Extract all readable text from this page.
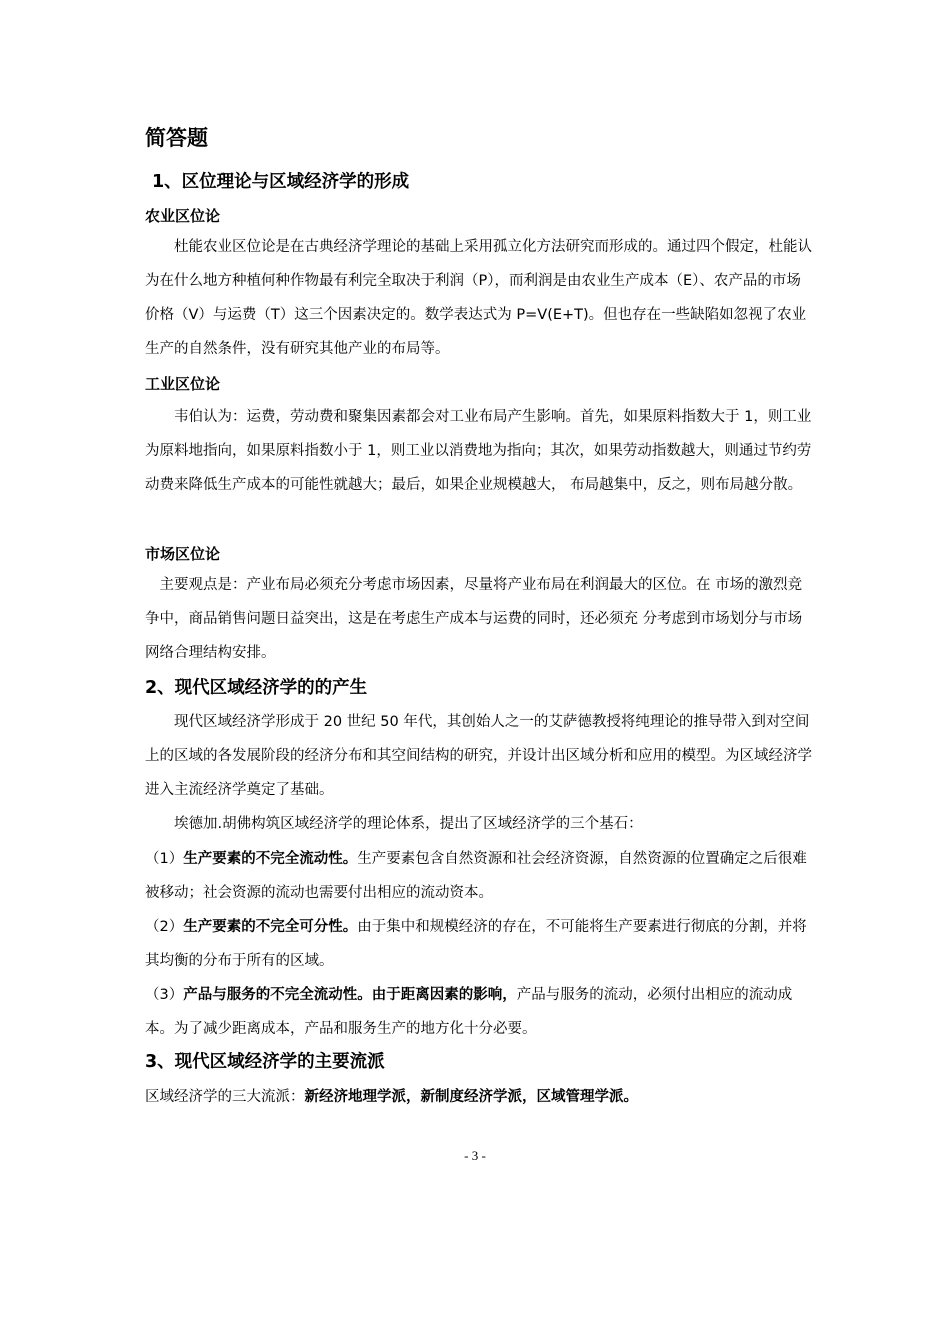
简答题
1、区位理论与区域经济学的形成
农业区位论
杜能农业区位论是在古典经济学理论的基础上采用孤立化方法研究而形成的。通过四个假定，杜能认为在什么地方种植何种作物最有利完全取决于利润（P），而利润是由农业生产成本（E）、农产品的市场价格（V）与运费（T）这三个因素决定的。数学表达式为 P=V(E+T)。但也存在一些缺陷如忽视了农业生产的自然条件，没有研究其他产业的布局等。
工业区位论
韦伯认为：运费，劳动费和聚集因素都会对工业布局产生影响。首先，如果原料指数大于 1，则工业为原料地指向，如果原料指数小于 1，则工业以消费地为指向；其次，如果劳动指数越大，则通过节约劳动费来降低生产成本的可能性就越大；最后，如果企业规模越大， 布局越集中，反之，则布局越分散。
市场区位论
主要观点是：产业布局必须充分考虑市场因素，尽量将产业布局在利润最大的区位。在 市场的激烈竞争中，商品销售问题日益突出，这是在考虑生产成本与运费的同时，还必须充 分考虑到市场划分与市场网络合理结构安排。
2、现代区域经济学的的产生
现代区域经济学形成于 20 世纪 50 年代，其创始人之一的艾萨德教授将纯理论的推导带入到对空间上的区域的各发展阶段的经济分布和其空间结构的研究，并设计出区域分析和应用的模型。为区域经济学进入主流经济学奠定了基础。
埃德加.胡佛构筑区域经济学的理论体系，提出了区域经济学的三个基石：
（1）生产要素的不完全流动性。生产要素包含自然资源和社会经济资源，自然资源的位置确定之后很难被移动；社会资源的流动也需要付出相应的流动资本。
（2）生产要素的不完全可分性。由于集中和规模经济的存在，不可能将生产要素进行彻底的分割，并将其均衡的分布于所有的区域。
（3）产品与服务的不完全流动性。由于距离因素的影响，产品与服务的流动，必须付出相应的流动成本。为了减少距离成本，产品和服务生产的地方化十分必要。
3、现代区域经济学的主要流派
区域经济学的三大流派：新经济地理学派，新制度经济学派，区域管理学派。
- 3 -
